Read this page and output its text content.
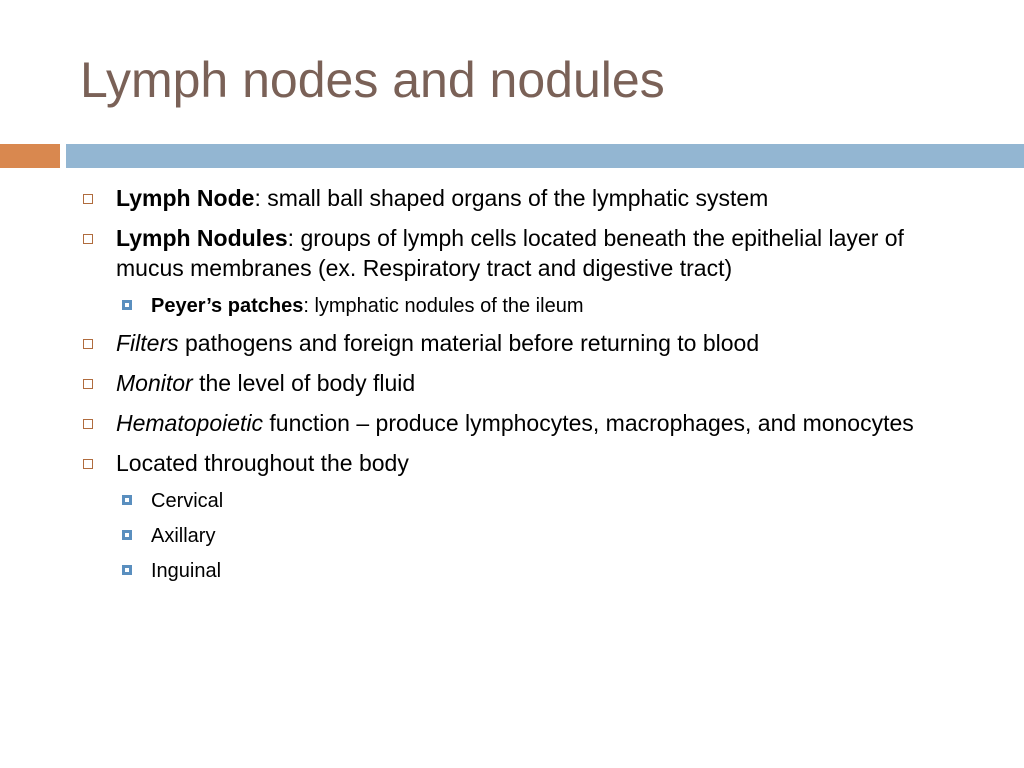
Lymph nodes and nodules
Lymph Node: small ball shaped organs of the lymphatic system
Lymph Nodules: groups of lymph cells located beneath the epithelial layer of mucus membranes (ex. Respiratory tract and digestive tract)
Peyer’s patches: lymphatic nodules of the ileum
Filters pathogens and foreign material before returning to blood
Monitor the level of body fluid
Hematopoietic function – produce lymphocytes, macrophages, and monocytes
Located throughout the body
Cervical
Axillary
Inguinal
